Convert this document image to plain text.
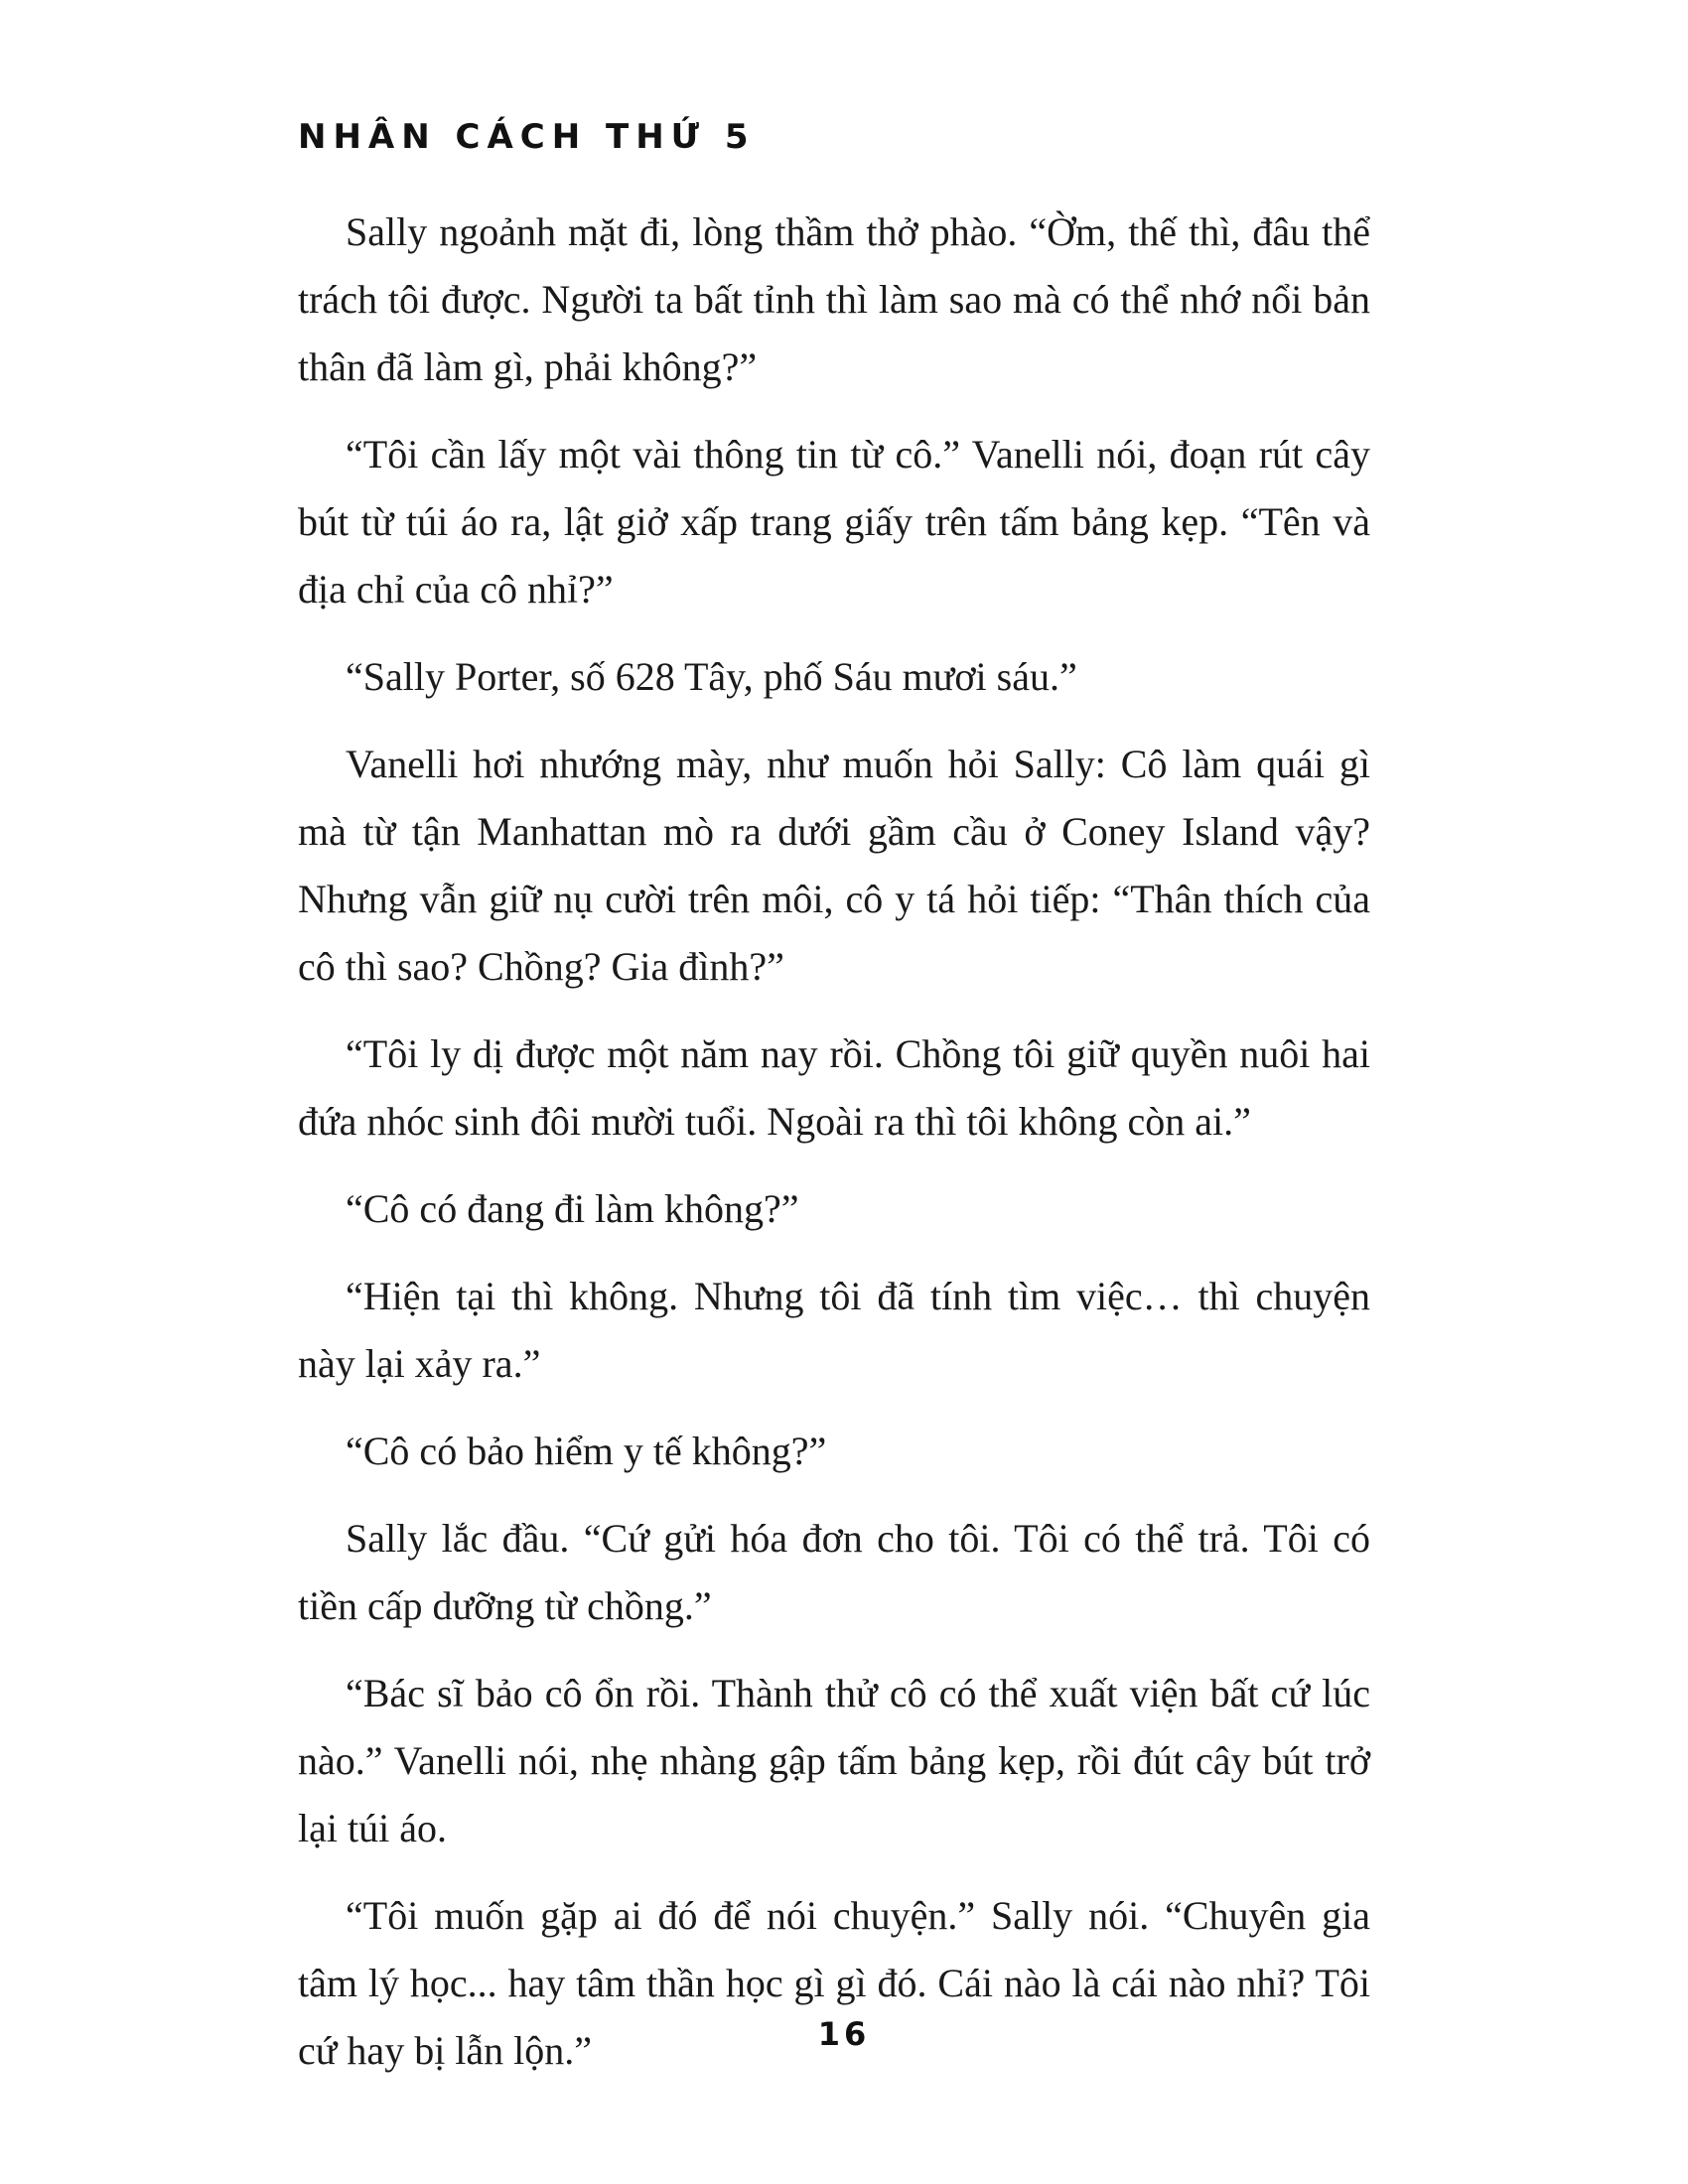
NHÂN CÁCH THỨ 5

Sally ngoảnh mặt đi, lòng thầm thở phào. “Ờm, thế thì, đâu thể trách tôi được. Người ta bất tỉnh thì làm sao mà có thể nhớ nổi bản thân đã làm gì, phải không?”

“Tôi cần lấy một vài thông tin từ cô.” Vanelli nói, đoạn rút cây bút từ túi áo ra, lật giở xấp trang giấy trên tấm bảng kẹp. “Tên và địa chỉ của cô nhỉ?”

“Sally Porter, số 628 Tây, phố Sáu mươi sáu.”

Vanelli hơi nhướng mày, như muốn hỏi Sally: Cô làm quái gì mà từ tận Manhattan mò ra dưới gầm cầu ở Coney Island vậy? Nhưng vẫn giữ nụ cười trên môi, cô y tá hỏi tiếp: “Thân thích của cô thì sao? Chồng? Gia đình?”

“Tôi ly dị được một năm nay rồi. Chồng tôi giữ quyền nuôi hai đứa nhóc sinh đôi mười tuổi. Ngoài ra thì tôi không còn ai.”

“Cô có đang đi làm không?”

“Hiện tại thì không. Nhưng tôi đã tính tìm việc… thì chuyện này lại xảy ra.”

“Cô có bảo hiểm y tế không?”

Sally lắc đầu. “Cứ gửi hóa đơn cho tôi. Tôi có thể trả. Tôi có tiền cấp dưỡng từ chồng.”

“Bác sĩ bảo cô ổn rồi. Thành thử cô có thể xuất viện bất cứ lúc nào.” Vanelli nói, nhẹ nhàng gập tấm bảng kẹp, rồi đút cây bút trở lại túi áo.

“Tôi muốn gặp ai đó để nói chuyện.” Sally nói. “Chuyên gia tâm lý học... hay tâm thần học gì gì đó. Cái nào là cái nào nhỉ? Tôi cứ hay bị lẫn lộn.”	16
